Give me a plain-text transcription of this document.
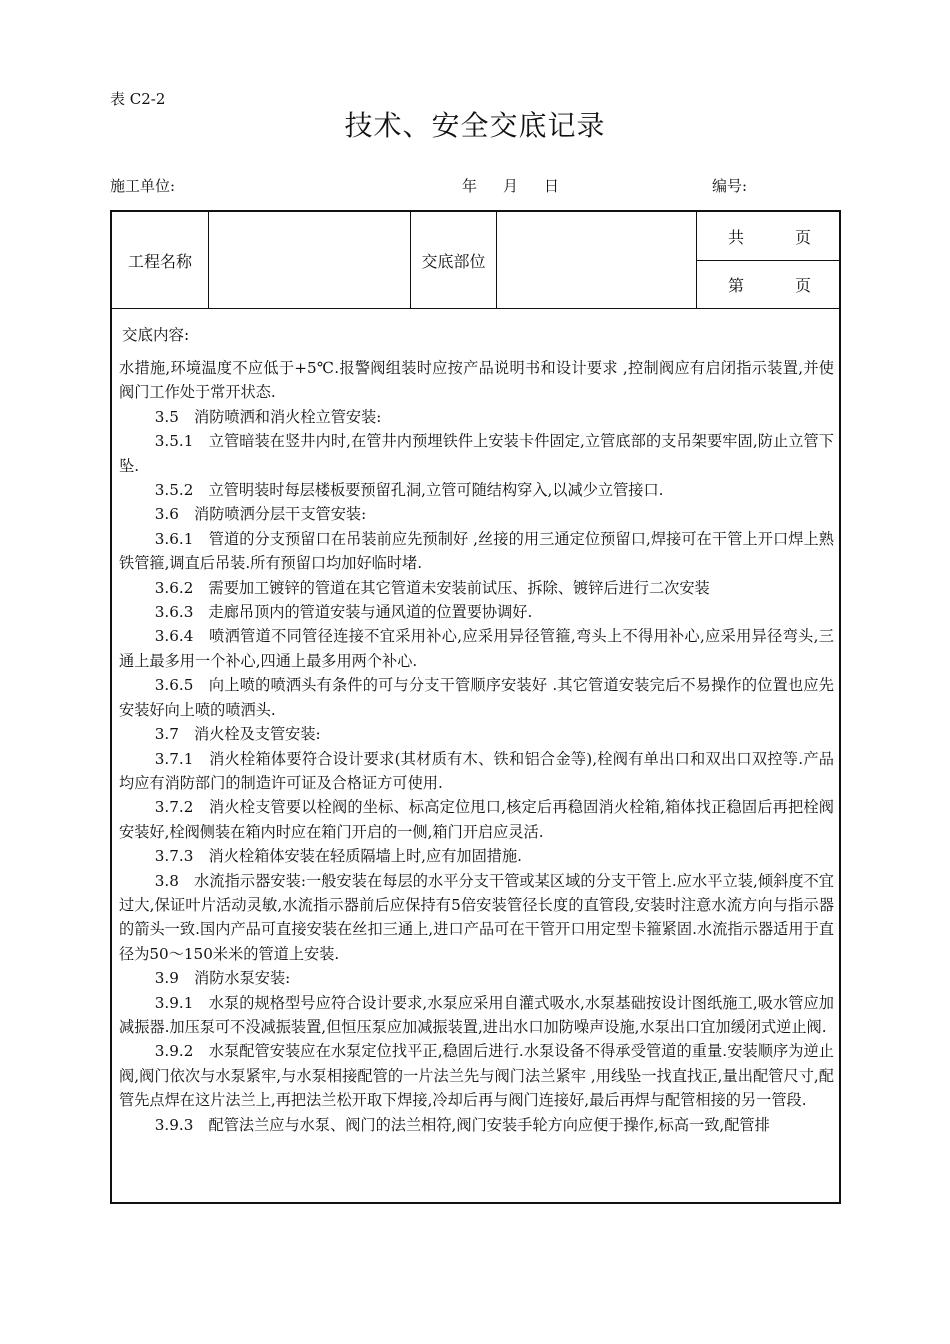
表 C2-2
技术、安全交底记录
施工单位:	年 月 日	编号:
工程名称	交底部位
共	页
第	页
交底内容:

水措施,环境温度不应低于+5℃.报警阀组装时应按产品说明书和设计要求 ,控制阀应有启闭指示装置,并使阀门工作处于常开状态.

3.5　消防喷洒和消火栓立管安装:

3.5.1　立管暗装在竖井内时,在管井内预埋铁件上安装卡件固定,立管底部的支吊架要牢固,防止立管下坠.

3.5.2　立管明装时每层楼板要预留孔洞,立管可随结构穿入,以减少立管接口.

3.6　消防喷洒分层干支管安装:

3.6.1　管道的分支预留口在吊装前应先预制好 ,丝接的用三通定位预留口,焊接可在干管上开口焊上熟铁管箍,调直后吊装.所有预留口均加好临时堵.

3.6.2　需要加工镀锌的管道在其它管道未安装前试压、拆除、镀锌后进行二次安装

3.6.3　走廊吊顶内的管道安装与通风道的位置要协调好.

3.6.4　喷洒管道不同管径连接不宜采用补心,应采用异径管箍,弯头上不得用补心,应采用异径弯头,三通上最多用一个补心,四通上最多用两个补心.

3.6.5　向上喷的喷洒头有条件的可与分支干管顺序安装好 .其它管道安装完后不易操作的位置也应先安装好向上喷的喷洒头.

3.7　消火栓及支管安装:

3.7.1　消火栓箱体要符合设计要求(其材质有木、铁和铝合金等),栓阀有单出口和双出口双控等.产品均应有消防部门的制造许可证及合格证方可使用.

3.7.2　消火栓支管要以栓阀的坐标、标高定位甩口,核定后再稳固消火栓箱,箱体找正稳固后再把栓阀安装好,栓阀侧装在箱内时应在箱门开启的一侧,箱门开启应灵活.

3.7.3　消火栓箱体安装在轻质隔墙上时,应有加固措施.

3.8　水流指示器安装:一般安装在每层的水平分支干管或某区域的分支干管上.应水平立装,倾斜度不宜过大,保证叶片活动灵敏,水流指示器前后应保持有5倍安装管径长度的直管段,安装时注意水流方向与指示器的箭头一致.国内产品可直接安装在丝扣三通上,进口产品可在干管开口用定型卡箍紧固.水流指示器适用于直径为50～150米米的管道上安装.

3.9　消防水泵安装:

3.9.1　水泵的规格型号应符合设计要求,水泵应采用自灌式吸水,水泵基础按设计图纸施工,吸水管应加减振器.加压泵可不没减振装置,但恒压泵应加减振装置,进出水口加防噪声设施,水泵出口宜加缓闭式逆止阀.

3.9.2　水泵配管安装应在水泵定位找平正,稳固后进行.水泵设备不得承受管道的重量.安装顺序为逆止阀,阀门依次与水泵紧牢,与水泵相接配管的一片法兰先与阀门法兰紧牢 ,用线坠一找直找正,量出配管尺寸,配管先点焊在这片法兰上,再把法兰松开取下焊接,冷却后再与阀门连接好,最后再焊与配管相接的另一管段.

3.9.3　配管法兰应与水泵、阀门的法兰相符,阀门安装手轮方向应便于操作,标高一致,配管排
